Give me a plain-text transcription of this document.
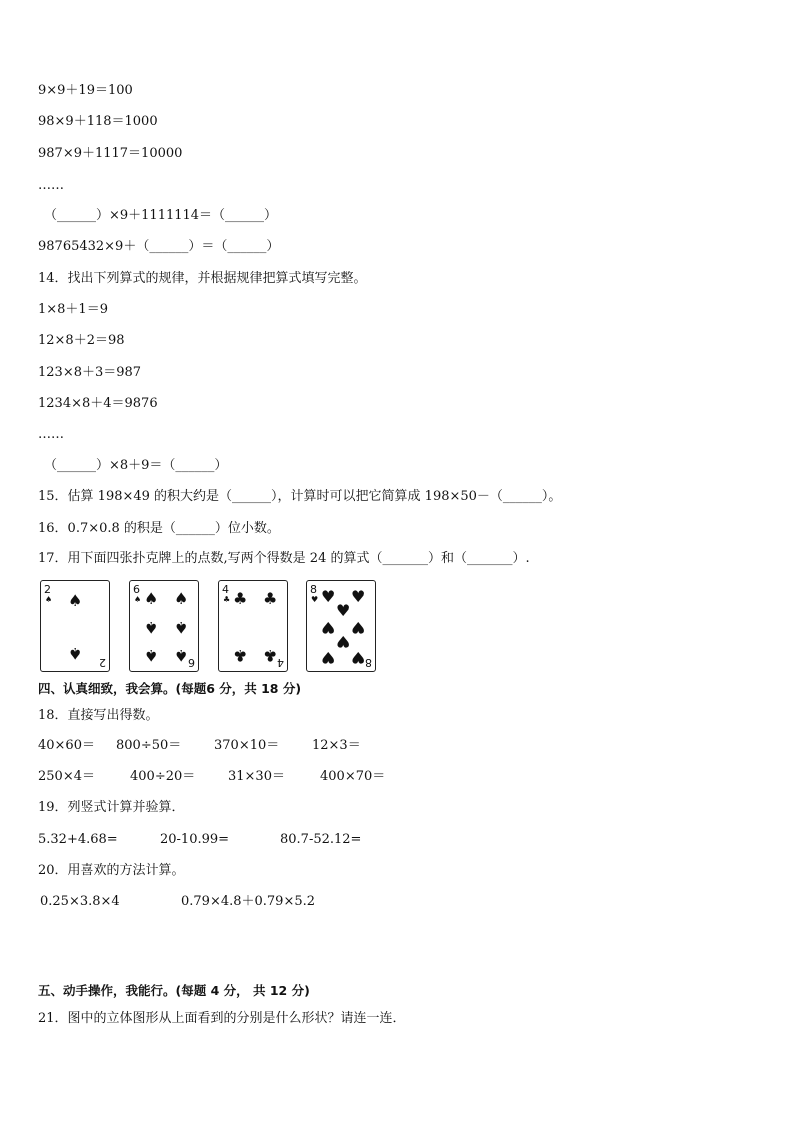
9×9＋19＝100
98×9＋118＝1000
987×9＋1117＝10000
……
（______）×9＋1111114＝（______）
98765432×9＋（______）＝（______）
14．找出下列算式的规律，并根据规律把算式填写完整。
1×8＋1＝9
12×8＋2＝98
123×8＋3＝987
1234×8＋4＝9876
……
（______）×8＋9＝（______）
15．估算 198×49 的积大约是（______），计算时可以把它简算成 198×50－（______）。
16．0.7×0.8 的积是（______）位小数。
17．用下面四张扑克牌上的点数,写两个得数是 24 的算式（_______）和（_______）.
2
♠ ♠
♠ 2
6
♠ ♠ ♠
♠ ♠
♠ ♠ 6
4
♣ ♣ ♣
♣ ♣ 4
8
♥ ♥ ♥
♥
♥ ♥
♥
♥ ♥ 8
四、认真细致，我会算。(每题6 分，共 18 分)
18．直接写出得数。
40×60＝ 800÷50＝	370×10＝	12×3＝
250×4＝	400÷20＝	31×30＝	400×70＝
19．列竖式计算并验算．
5.32+4.68=	20-10.99=	80.7-52.12=
20．用喜欢的方法计算。
0.25×3.8×4	0.79×4.8＋0.79×5.2
五、动手操作，我能行。(每题 4 分， 共 12 分)
21．图中的立体图形从上面看到的分别是什么形状？请连一连．
